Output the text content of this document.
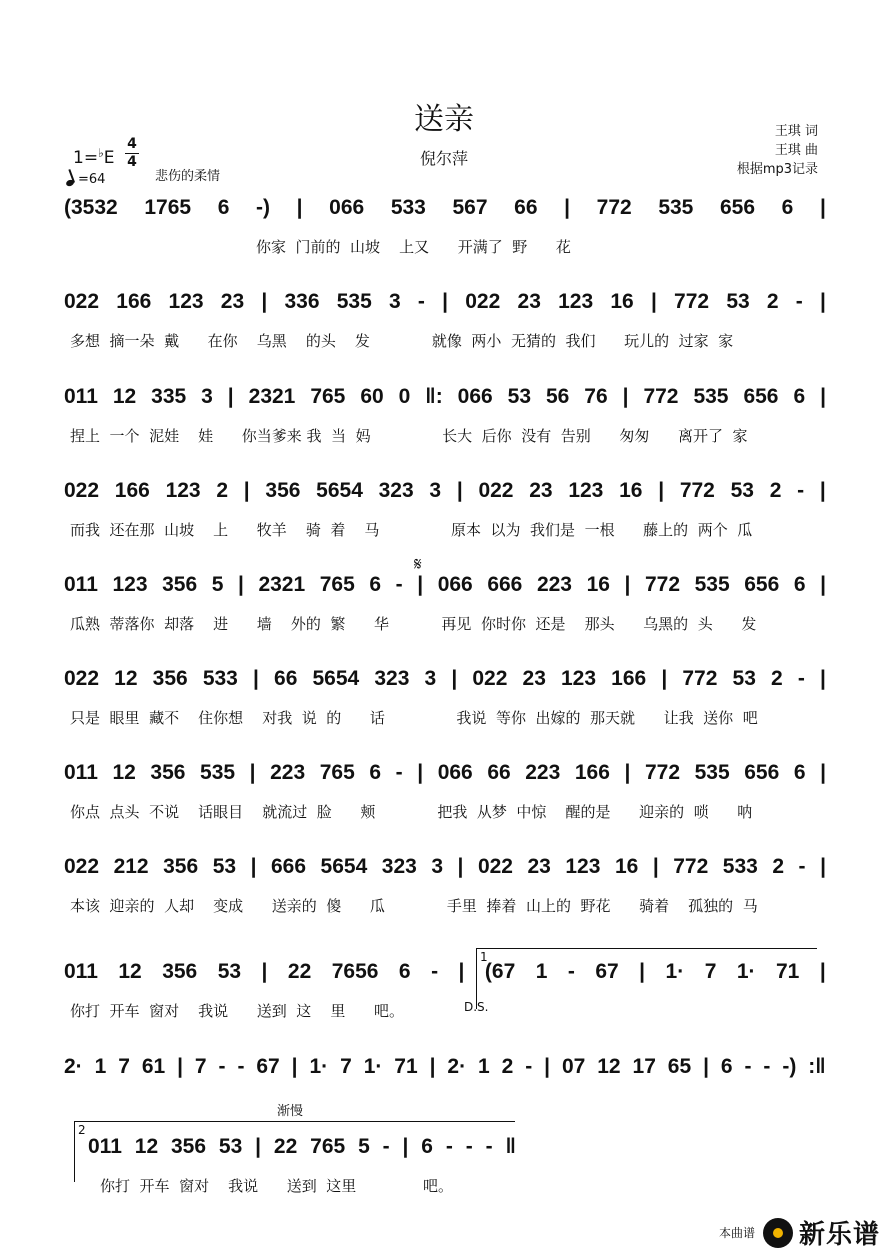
送亲
倪尔萍
王琪 词
王琪 曲
根据mp3记录
1=♭E
4
4
=64	悲伤的柔情
(3532 1765 6 -) | 066 533 567 66 | 772 535 656 6 |
你家  门前的  山坡    上又      开满了  野      花
022 166 123 23 | 336 535 3 - | 022 23 123 16 | 772 53 2 - |
多想  摘一朵  戴      在你    乌黑    的头    发             就像  两小  无猜的  我们      玩儿的  过家  家
011 12 335 3 | 2321 765 60 0 ‖: 066 53 56 76 | 772 535 656 6 |
捏上  一个  泥娃    娃      你当爹来 我  当  妈               长大  后你  没有  告别      匆匆      离开了  家
022 166 123 2 | 356 5654 323 3 | 022 23 123 16 | 772 53 2 - |
而我  还在那  山坡    上      牧羊    骑  着    马               原本  以为  我们是  一根      藤上的  两个  瓜
011 123 356 5 | 2321 765 6 - | 066 666 223 16 | 772 535 656 6 |
瓜熟  蒂落你  却落    进      墙    外的  繁      华           再见  你时你  还是    那头      乌黑的  头      发
022 12 356 533 | 66 5654 323 3 | 022 23 123 166 | 772 53 2 - |
只是  眼里  藏不    住你想    对我  说  的      话               我说  等你  出嫁的  那天就      让我  送你  吧
011 12 356 535 | 223 765 6 - | 066 66 223 166 | 772 535 656 6 |
你点  点头  不说    话眼目    就流过  脸      颊             把我  从梦  中惊    醒的是      迎亲的  唢      呐
022 212 356 53 | 666 5654 323 3 | 022 23 123 16 | 772 533 2 - |
本该  迎亲的  人却    变成      送亲的  傻      瓜             手里  捧着  山上的  野花      骑着    孤独的  马
011 12 356 53 | 22 7656 6 - | (67 1 - 67 | 1· 7 1· 71 |
你打  开车  窗对    我说      送到  这    里      吧。
2· 1 7 61 | 7 - - 67 | 1· 7 1· 71 | 2· 1 2 - | 07 12 17 65 | 6 - - -) :‖
011 12 356 53 | 22 765 5 - | 6 - - - ‖
你打  开车  窗对    我说      送到  这里              吧。
D.S.
𝄋
1
2
渐慢
本曲谱 新乐谱
